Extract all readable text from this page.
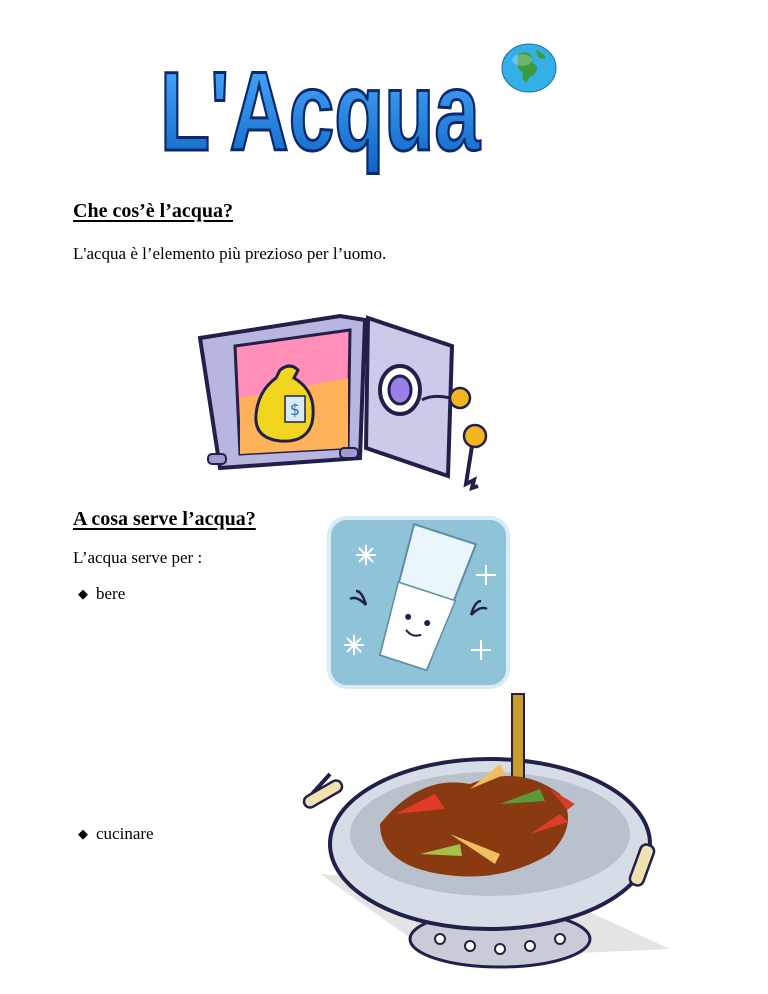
L'Acqua
Che cos’è l’acqua?
L'acqua è l’elemento più prezioso per l’uomo.
$
A cosa serve l’acqua?
L’acqua serve per :
◆ bere
◆ cucinare
